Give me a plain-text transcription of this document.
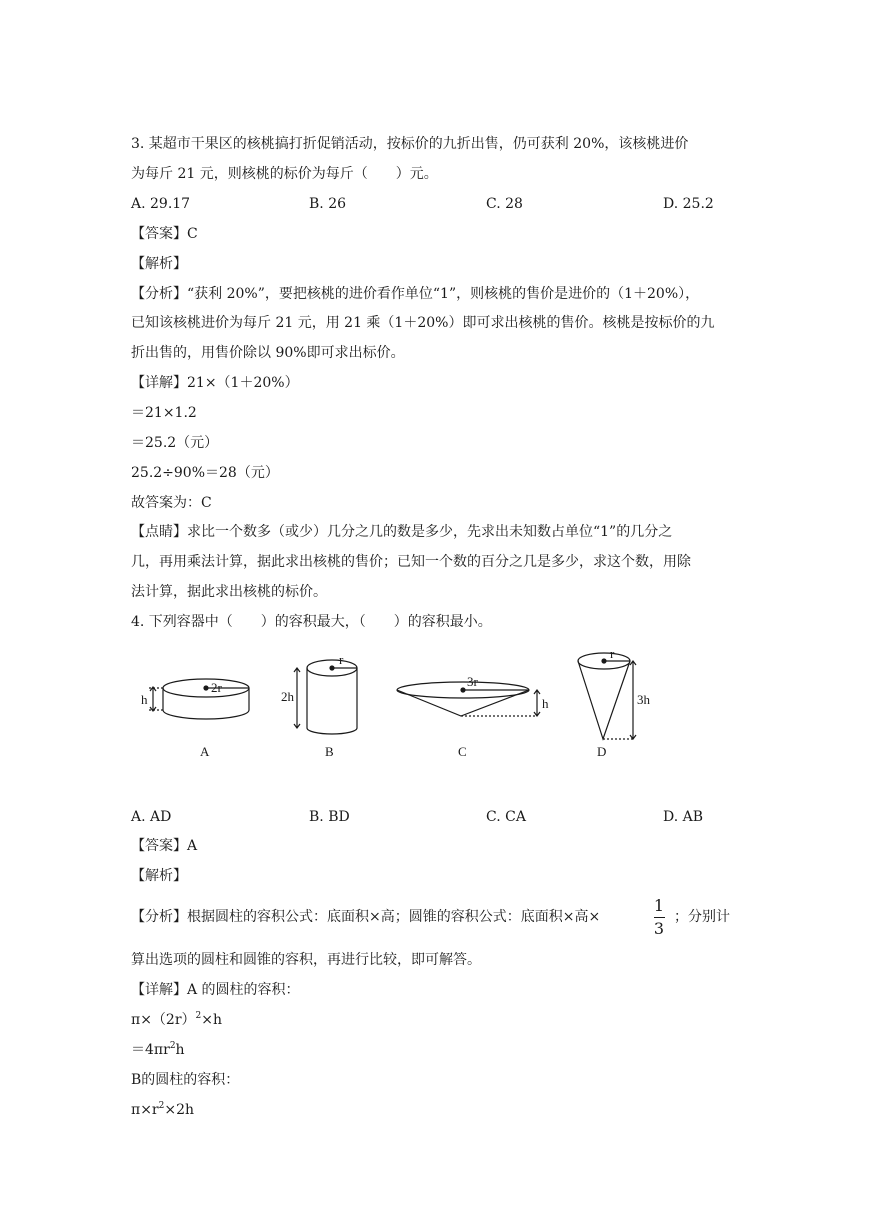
3. 某超市干果区的核桃搞打折促销活动，按标价的九折出售，仍可获利 20%，该核桃进价
为每斤 21 元，则核桃的标价为每斤（　　）元。
A. 29.17	B. 26	C. 28	D. 25.2
【答案】C
【解析】
【分析】“获利 20%”，要把核桃的进价看作单位“1”，则核桃的售价是进价的（1＋20%），
已知该核桃进价为每斤 21 元，用 21 乘（1＋20%）即可求出核桃的售价。核桃是按标价的九
折出售的，用售价除以 90%即可求出标价。
【详解】21×（1＋20%）
＝21×1.2
＝25.2（元）
25.2÷90%＝28（元）
故答案为：C
【点睛】求比一个数多（或少）几分之几的数是多少，先求出未知数占单位“1”的几分之
几，再用乘法计算，据此求出核桃的售价；已知一个数的百分之几是多少，求这个数，用除
法计算，据此求出核桃的标价。
4. 下列容器中（　　）的容积最大，（　　）的容积最小。
h
2r
A
2h
r
B
h
3r
C
3h
r
D
A. AD	B. BD	C. CA	D. AB
【答案】A
【解析】
【分析】根据圆柱的容积公式：底面积×高；圆锥的容积公式：底面积×高×
1
3
；分别计
算出选项的圆柱和圆锥的容积，再进行比较，即可解答。
【详解】A 的圆柱的容积：
$\pi\times(2r)^2\times h$
$=4\pi r^2h$
B的圆柱的容积：
$\pi\times r^2\times 2h$
